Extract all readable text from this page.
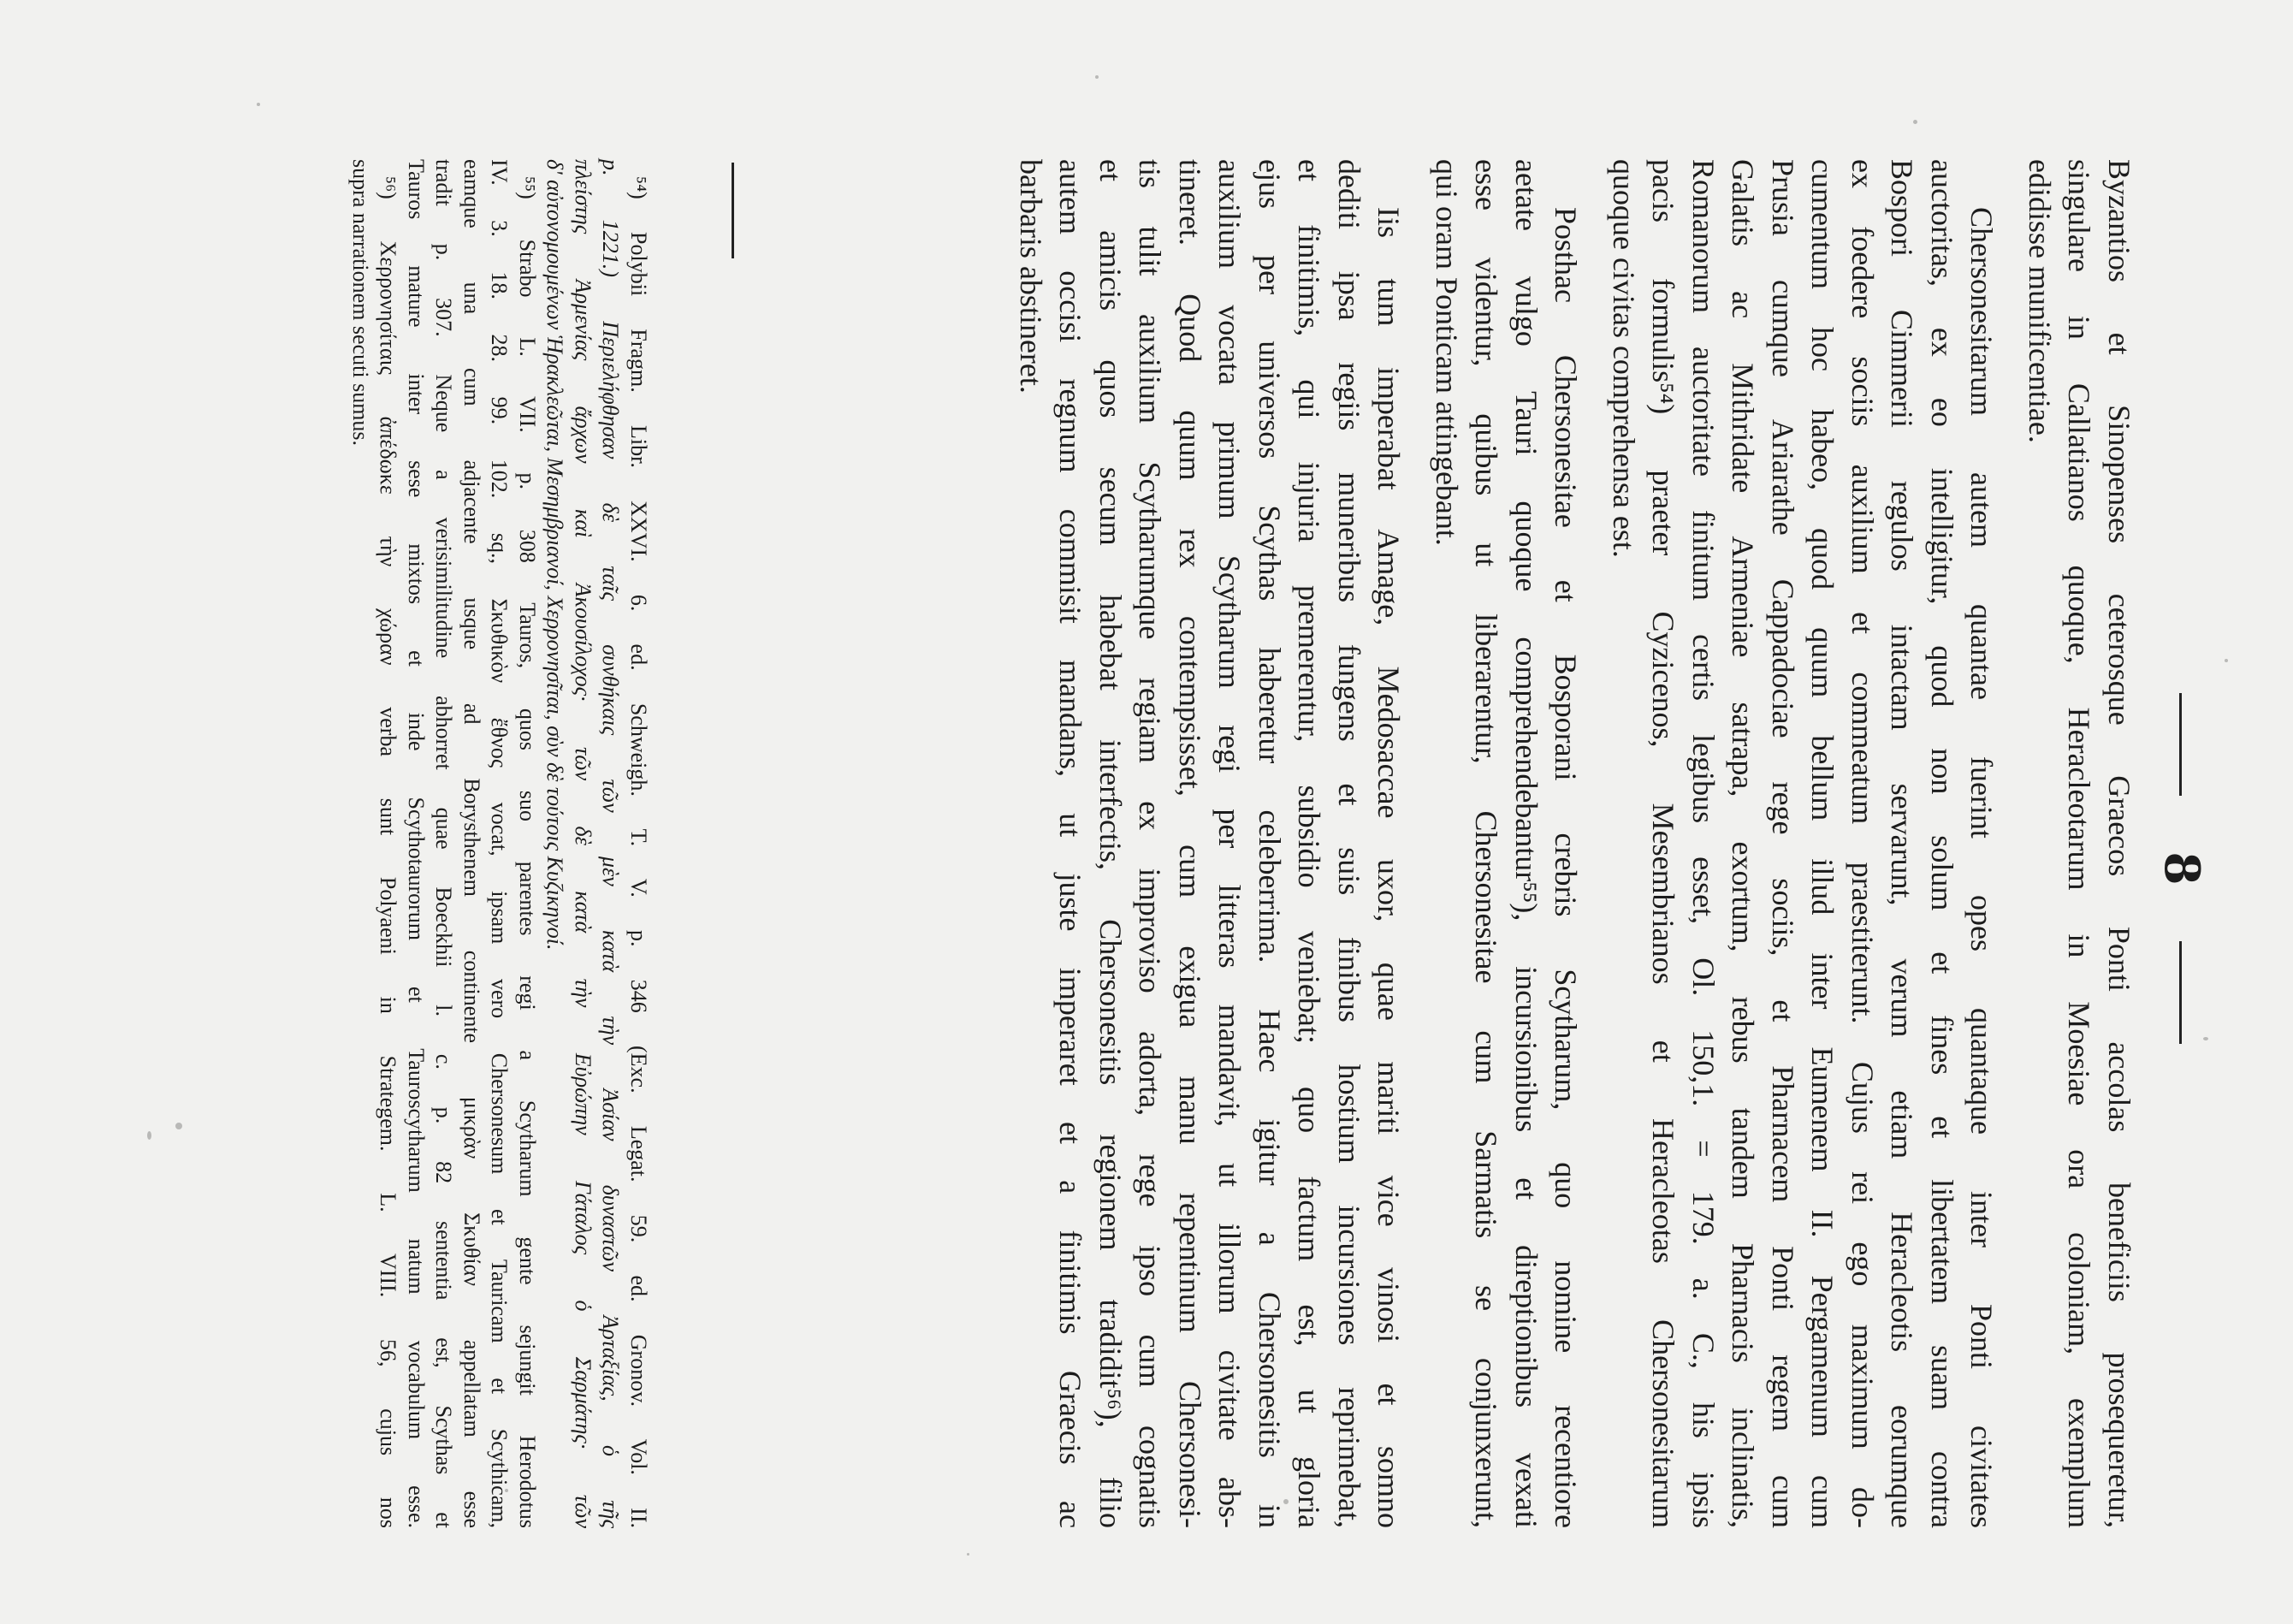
8
Byzantios et Sinopenses ceterosque Graecos Ponti accolas beneficiis prosequeretur,
singulare in Callatianos quoque, Heracleotarum in Moesiae ora coloniam, exemplum
edidisse munificentiae.
Chersonesitarum autem quantae fuerint opes quantaque inter Ponti civitates
auctoritas, ex eo intelligitur, quod non solum et fines et libertatem suam contra
Bospori Cimmerii regulos intactam servarunt, verum etiam Heracleotis eorumque
ex foedere sociis auxilium et commeatum praestiterunt. Cujus rei ego maximum do-
cumentum hoc habeo, quod quum bellum illud inter Eumenem II. Pergamenum cum
Prusia cumque Ariarathe Cappadociae rege sociis, et Pharnacem Ponti regem cum
Galatis ac Mithridate Armeniae satrapa, exortum, rebus tandem Pharnacis inclinatis,
Romanorum auctoritate finitum certis legibus esset, Ol. 150,1. = 179. a. C., his ipsis
pacis formulis⁵⁴) praeter Cyzicenos, Mesembrianos et Heracleotas Chersonesitarum
quoque civitas comprehensa est.
Posthac Chersonesitae et Bosporani crebris Scytharum, quo nomine recentiore
aetate vulgo Tauri quoque comprehendebantur⁵⁵), incursionibus et direptionibus vexati
esse videntur, quibus ut liberarentur, Chersonesitae cum Sarmatis se conjunxerunt,
qui oram Ponticam attingebant.
Iis tum imperabat Amage, Medosaccae uxor, quae mariti vice vinosi et somno
dediti ipsa regiis muneribus fungens et suis finibus hostium incursiones reprimebat,
et finitimis, qui injuria premerentur, subsidio veniebat; quo factum est, ut gloria
ejus per universos Scythas haberetur celeberrima. Haec igitur a Chersonesitis in
auxilium vocata primum Scytharum regi per litteras mandavit, ut illorum civitate abs-
tineret. Quod quum rex contempsisset, cum exigua manu repentinum Chersonesi-
tis tulit auxilium Scytharumque regiam ex improviso adorta, rege ipso cum cognatis
et amicis quos secum habebat interfectis, Chersonesitis regionem tradidit⁵⁶), filio
autem occisi regnum commisit mandans, ut juste imperaret et a finitimis Graecis ac
barbaris abstineret.
⁵⁴) Polybii Fragm. Libr. XXVI. 6. ed. Schweigh. T. V. p. 346 (Exc. Legat. 59. ed. Gronov. Vol. II.
p. 1221.) Περιελήφθησαν δὲ ταῖς συνθήκαις τῶν μὲν κατὰ τὴν Ἀσίαν δυναστῶν Ἀρταξίας, ὁ τῆς
πλείστης Ἀρμενίας ἄρχων καὶ Ἀκουσίλοχος· τῶν δὲ κατὰ τὴν Εὐρώπην Γάταλος ὁ Σαρμάτης· τῶν
δ' αὐτονομουμένων Ἡρακλεῶται, Μεσημβριανοί, Χερρονησῖται, σὺν δὲ τούτοις Κυζικηνοί.
⁵⁵) Strabo L. VII. p. 308 Tauros, quos suo parentes regi a Scytharum gente sejungit Herodotus
IV. 3. 18. 28. 99. 102. sq., Σκυθικὸν ἔθνος vocat, ipsam vero Chersonesum et Tauricam et Scythicam,
eamque una cum adjacente usque ad Borysthenem continente μικρὰν Σκυθίαν appellatam esse
tradit p. 307. Neque a verisimilitudine abhorret quae Boeckhii l. c. p. 82 sententia est, Scythas et
Tauros mature inter sese mixtos et inde Scythotaurorum et Tauroscytharum natum vocabulum esse.
⁵⁶) Χερρονησίταις ἀπέδωκε τὴν χώραν verba sunt Polyaeni in Strategem. L. VIII. 56, cujus nos
supra narrationem secuti sumus.
